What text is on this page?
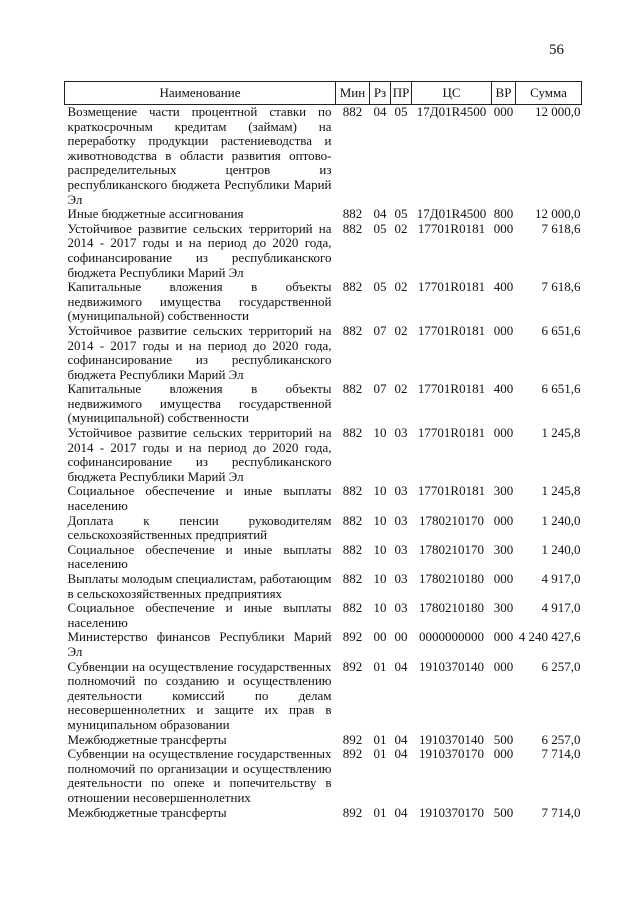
56
Наименование	Мин	Рз	ПР	ЦС	ВР	Сумма
Возмещение части процентной ставки по краткосрочным кредитам (займам) на переработку продукции растениеводства и животноводства в области развития оптово-распределительных центров из республиканского бюджета Республики Марий Эл	882	04	05	17Д01R4500	000	12 000,0
Иные бюджетные ассигнования	882	04	05	17Д01R4500	800	12 000,0
Устойчивое развитие сельских территорий на 2014 - 2017 годы и на период до 2020 года, софинансирование из республиканского бюджета Республики Марий Эл	882	05	02	17701R0181	000	7 618,6
Капитальные вложения в объекты недвижимого имущества государственной (муниципальной) собственности	882	05	02	17701R0181	400	7 618,6
Устойчивое развитие сельских территорий на 2014 - 2017 годы и на период до 2020 года, софинансирование из республиканского бюджета Республики Марий Эл	882	07	02	17701R0181	000	6 651,6
Капитальные вложения в объекты недвижимого имущества государственной (муниципальной) собственности	882	07	02	17701R0181	400	6 651,6
Устойчивое развитие сельских территорий на 2014 - 2017 годы и на период до 2020 года, софинансирование из республиканского бюджета Республики Марий Эл	882	10	03	17701R0181	000	1 245,8
Социальное обеспечение и иные выплаты населению	882	10	03	17701R0181	300	1 245,8
Доплата к пенсии руководителям сельскохозяйственных предприятий	882	10	03	1780210170	000	1 240,0
Социальное обеспечение и иные выплаты населению	882	10	03	1780210170	300	1 240,0
Выплаты молодым специалистам, работающим в сельскохозяйственных предприятиях	882	10	03	1780210180	000	4 917,0
Социальное обеспечение и иные выплаты населению	882	10	03	1780210180	300	4 917,0
Министерство финансов Республики Марий Эл	892	00	00	0000000000	000	4 240 427,6
Субвенции на осуществление государственных полномочий по созданию и осуществлению деятельности комиссий по делам несовершеннолетних и защите их прав в муниципальном образовании	892	01	04	1910370140	000	6 257,0
Межбюджетные трансферты	892	01	04	1910370140	500	6 257,0
Субвенции на осуществление государственных полномочий по организации и осуществлению деятельности по опеке и попечительству в отношении несовершеннолетних	892	01	04	1910370170	000	7 714,0
Межбюджетные трансферты	892	01	04	1910370170	500	7 714,0
